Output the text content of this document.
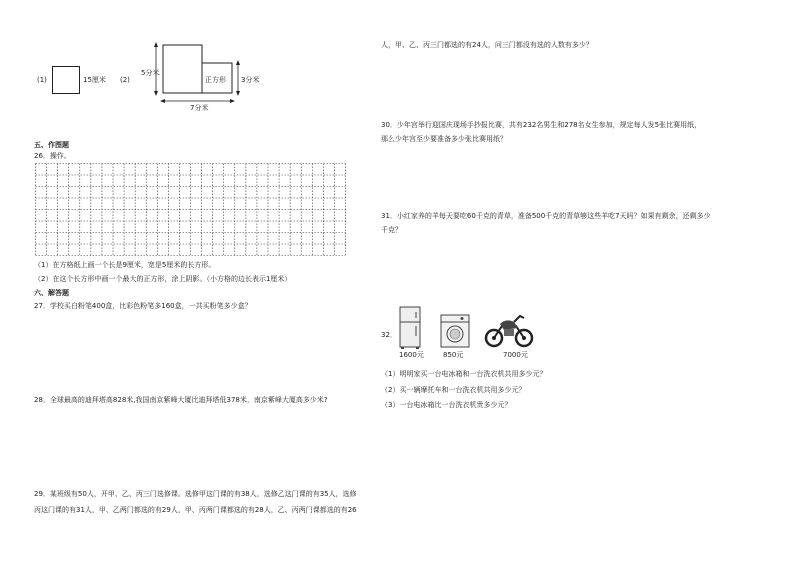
(1)	15厘米 (2)
5分米
正方形 3分米
7分米
五、作图题
26．操作。
（1）在方格纸上画一个长是9厘米，宽是5厘米的长方形。
（2）在这个长方形中画一个最大的正方形，涂上阴影。（小方格的边长表示1厘米）
六、解答题
27．学校买白粉笔400盒，比彩色粉笔多160盒，一共买粉笔多少盒？
28．全球最高的迪拜塔高828米,我国南京紫峰大厦比迪拜塔低378米，南京紫峰大厦高多少米?
29．某班级有50人，开甲、乙、丙三门选修课。选修甲这门课的有38人，选修乙这门课的有35人，选修
丙这门课的有31人，甲、乙两门都选的有29人，甲、丙两门课都选的有28人，乙、丙两门课都选的有26
人，甲、乙、丙三门都选的有24人，问三门都没有选的人数有多少？
30．少年宫举行迎国庆现场手抄报比赛，共有232名男生和278名女生参加，规定每人发5张比赛用纸，
那么少年宫至少要准备多少张比赛用纸？
31．小红家养的羊每天要吃60千克的青草，准备500千克的青草够这些羊吃7天吗？如果有剩余，还剩多少
千克？
32．
1600元	850元	7000元
（1）明明家买一台电冰箱和一台洗衣机共用多少元？
（2）买一辆摩托车和一台洗衣机共用多少元？
（3）一台电冰箱比一台洗衣机贵多少元？
